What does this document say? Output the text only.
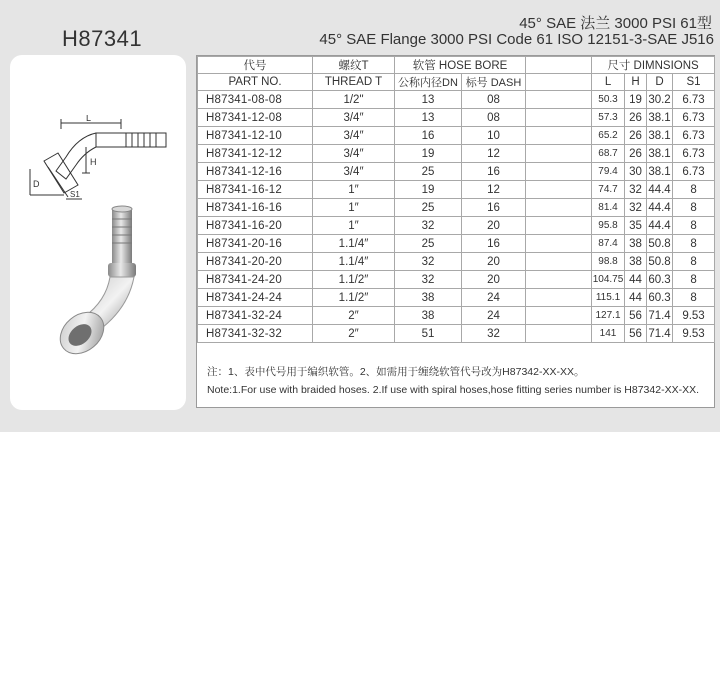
H87341
45° SAE 法兰 3000 PSI 61型
45° SAE Flange 3000 PSI Code 61 ISO 12151-3-SAE J516
L
H
D
S1
代号	螺纹T	软管 HOSE BORE			尺寸 DIMNSIONS			
PART NO.	THREAD T	公称内径DN	标号 DASH		L	H	D	S1
H87341-08-08	1/2"	13	08		50.3	19	30.2	6.73
H87341-12-08	3/4″	13	08		57.3	26	38.1	6.73
H87341-12-10	3/4″	16	10		65.2	26	38.1	6.73
H87341-12-12	3/4″	19	12		68.7	26	38.1	6.73
H87341-12-16	3/4″	25	16		79.4	30	38.1	6.73
H87341-16-12	1″	19	12		74.7	32	44.4	8
H87341-16-16	1″	25	16		81.4	32	44.4	8
H87341-16-20	1″	32	20		95.8	35	44.4	8
H87341-20-16	1.1/4″	25	16		87.4	38	50.8	8
H87341-20-20	1.1/4″	32	20		98.8	38	50.8	8
H87341-24-20	1.1/2″	32	20		104.75	44	60.3	8
H87341-24-24	1.1/2″	38	24		115.1	44	60.3	8
H87341-32-24	2″	38	24		127.1	56	71.4	9.53
H87341-32-32	2″	51	32		141	56	71.4	9.53
注：1、表中代号用于编织软管。2、如需用于缠绕软管代号改为H87342-XX-XX。
Note:1.For use with braided hoses. 2.If use with spiral hoses,hose fitting series number is H87342-XX-XX.
